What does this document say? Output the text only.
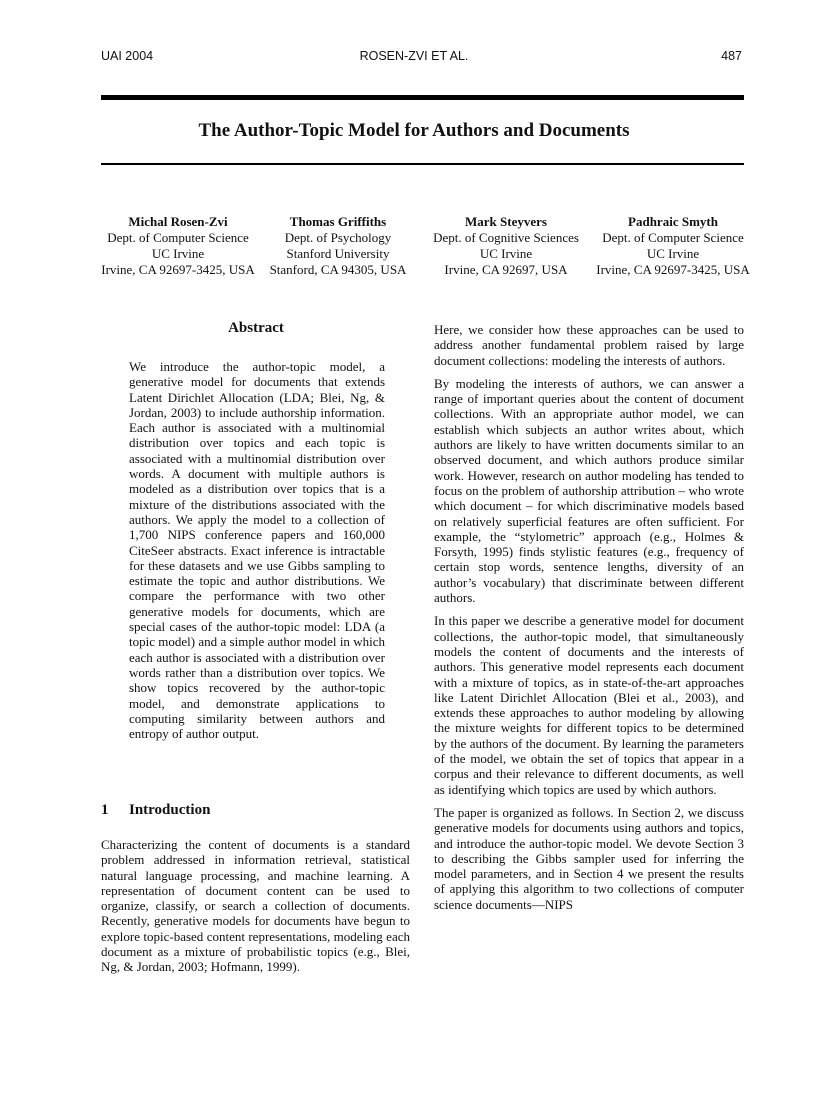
UAI 2004	ROSEN-ZVI ET AL.	487
The Author-Topic Model for Authors and Documents
Michal Rosen-Zvi
Dept. of Computer Science
UC Irvine
Irvine, CA 92697-3425, USA
Thomas Griffiths
Dept. of Psychology
Stanford University
Stanford, CA 94305, USA
Mark Steyvers
Dept. of Cognitive Sciences
UC Irvine
Irvine, CA 92697, USA
Padhraic Smyth
Dept. of Computer Science
UC Irvine
Irvine, CA 92697-3425, USA
Abstract
We introduce the author-topic model, a generative model for documents that extends Latent Dirichlet Allocation (LDA; Blei, Ng, & Jordan, 2003) to include authorship information. Each author is associated with a multinomial distribution over topics and each topic is associated with a multinomial distribution over words. A document with multiple authors is modeled as a distribution over topics that is a mixture of the distributions associated with the authors. We apply the model to a collection of 1,700 NIPS conference papers and 160,000 CiteSeer abstracts. Exact inference is intractable for these datasets and we use Gibbs sampling to estimate the topic and author distributions. We compare the performance with two other generative models for documents, which are special cases of the author-topic model: LDA (a topic model) and a simple author model in which each author is associated with a distribution over words rather than a distribution over topics. We show topics recovered by the author-topic model, and demonstrate applications to computing similarity between authors and entropy of author output.
1 Introduction
Characterizing the content of documents is a standard problem addressed in information retrieval, statistical natural language processing, and machine learning. A representation of document content can be used to organize, classify, or search a collection of documents. Recently, generative models for documents have begun to explore topic-based content representations, modeling each document as a mixture of probabilistic topics (e.g., Blei, Ng, & Jordan, 2003; Hofmann, 1999).

Here, we consider how these approaches can be used to address another fundamental problem raised by large document collections: modeling the interests of authors.

By modeling the interests of authors, we can answer a range of important queries about the content of document collections. With an appropriate author model, we can establish which subjects an author writes about, which authors are likely to have written documents similar to an observed document, and which authors produce similar work. However, research on author modeling has tended to focus on the problem of authorship attribution – who wrote which document – for which discriminative models based on relatively superficial features are often sufficient. For example, the “stylometric” approach (e.g., Holmes & Forsyth, 1995) finds stylistic features (e.g., frequency of certain stop words, sentence lengths, diversity of an author’s vocabulary) that discriminate between different authors.

In this paper we describe a generative model for document collections, the author-topic model, that simultaneously models the content of documents and the interests of authors. This generative model represents each document with a mixture of topics, as in state-of-the-art approaches like Latent Dirichlet Allocation (Blei et al., 2003), and extends these approaches to author modeling by allowing the mixture weights for different topics to be determined by the authors of the document. By learning the parameters of the model, we obtain the set of topics that appear in a corpus and their relevance to different documents, as well as identifying which topics are used by which authors.

The paper is organized as follows. In Section 2, we discuss generative models for documents using authors and topics, and introduce the author-topic model. We devote Section 3 to describing the Gibbs sampler used for inferring the model parameters, and in Section 4 we present the results of applying this algorithm to two collections of computer science documents—NIPS
